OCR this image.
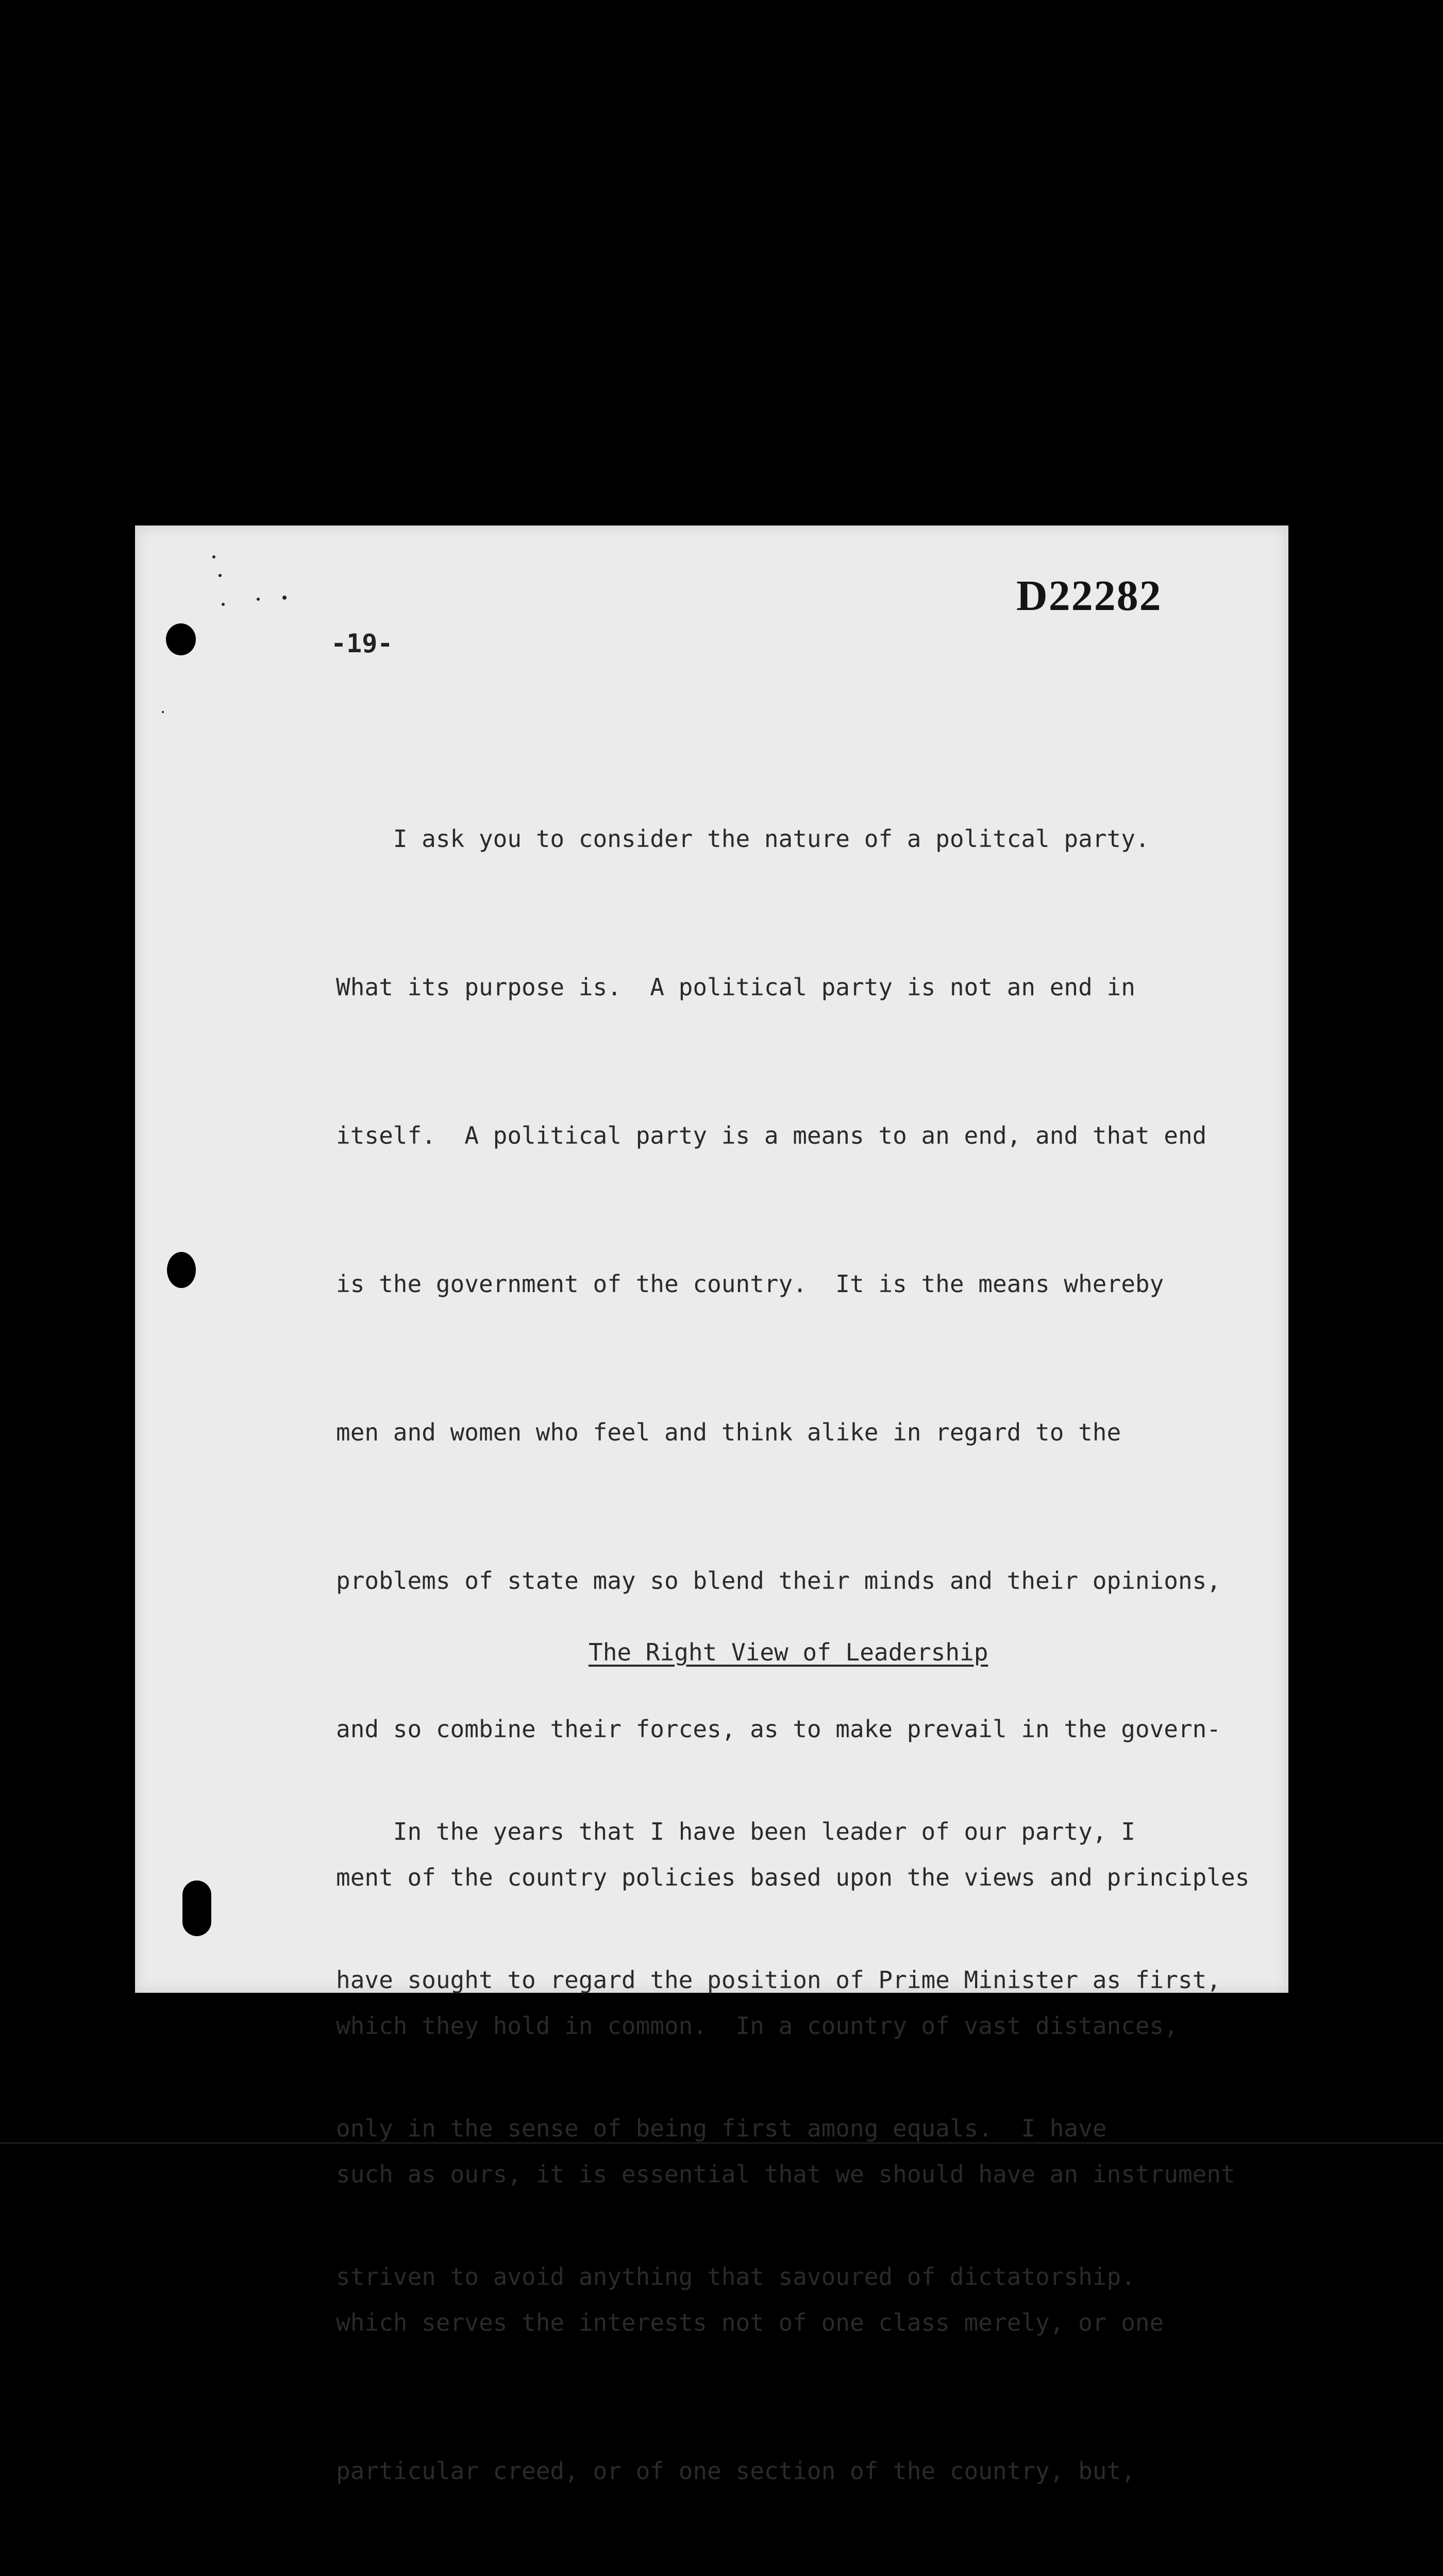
D22282
-19-

I ask you to consider the nature of a politcal party.

What its purpose is.  A political party is not an end in

itself.  A political party is a means to an end, and that end

is the government of the country.  It is the means whereby

men and women who feel and think alike in regard to the

problems of state may so blend their minds and their opinions,

and so combine their forces, as to make prevail in the govern-

ment of the country policies based upon the views and principles

which they hold in common.  In a country of vast distances,

such as ours, it is essential that we should have an instrument

which serves the interests not of one class merely, or one

particular creed, or of one section of the country, but,

The Right View of Leadership

In the years that I have been leader of our party, I

have sought to regard the position of Prime Minister as first,

only in the sense of being first among equals.  I have

striven to avoid anything that savoured of dictatorship.
